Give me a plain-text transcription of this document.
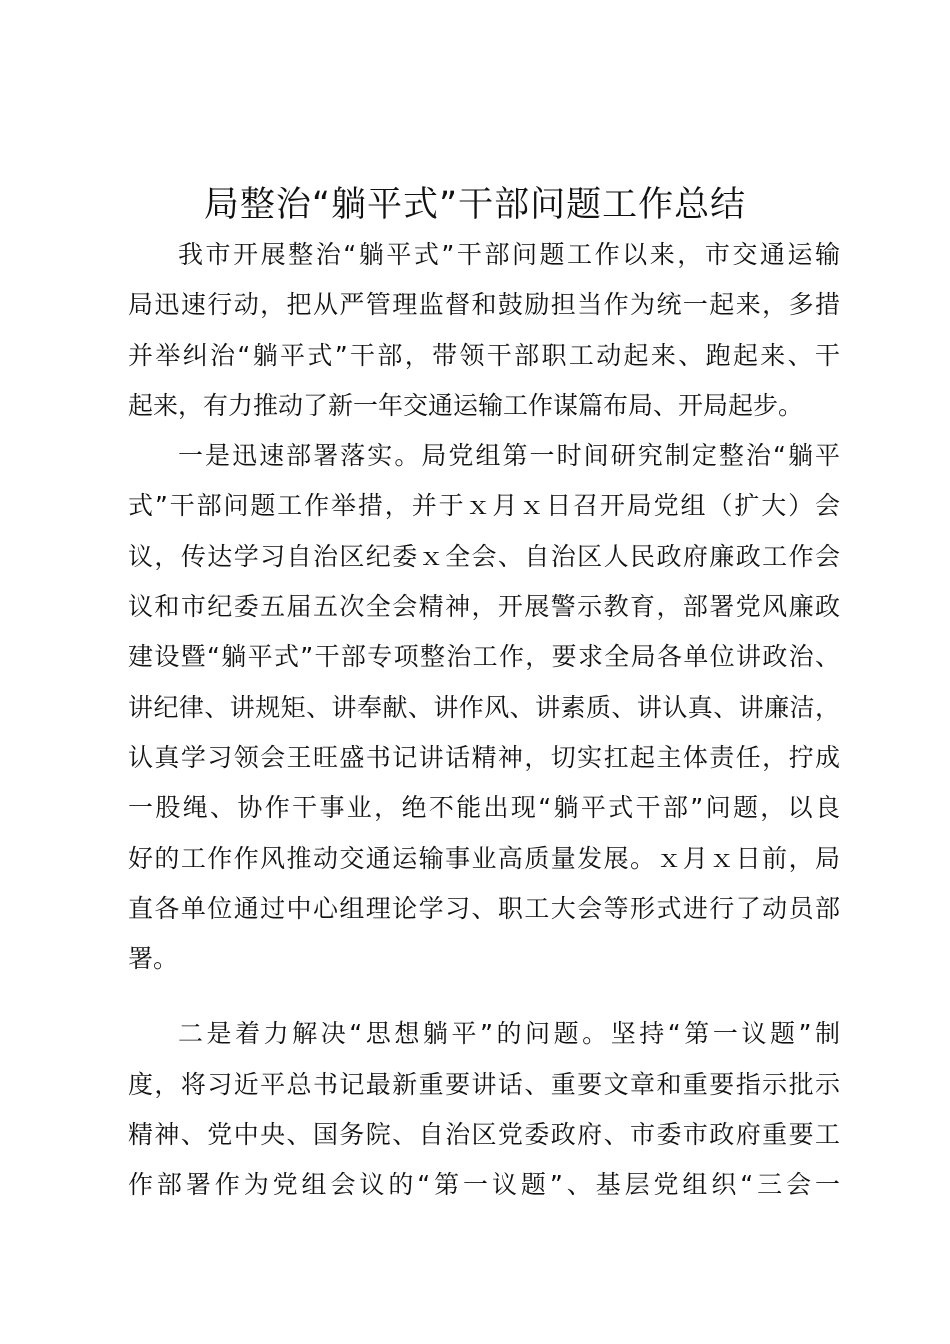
局整治“躺平式”干部问题工作总结
我市开展整治“躺平式”干部问题工作以来，市交通运输
局迅速行动，把从严管理监督和鼓励担当作为统一起来，多措
并举纠治“躺平式”干部，带领干部职工动起来、跑起来、干
起来，有力推动了新一年交通运输工作谋篇布局、开局起步。
一是迅速部署落实。局党组第一时间研究制定整治“躺平
式”干部问题工作举措，并于ｘ月ｘ日召开局党组（扩大）会
议，传达学习自治区纪委ｘ全会、自治区人民政府廉政工作会
议和市纪委五届五次全会精神，开展警示教育，部署党风廉政
建设暨“躺平式”干部专项整治工作，要求全局各单位讲政治、
讲纪律、讲规矩、讲奉献、讲作风、讲素质、讲认真、讲廉洁，
认真学习领会王旺盛书记讲话精神，切实扛起主体责任，拧成
一股绳、协作干事业，绝不能出现“躺平式干部”问题，以良
好的工作作风推动交通运输事业高质量发展。ｘ月ｘ日前，局
直各单位通过中心组理论学习、职工大会等形式进行了动员部
署。
二是着力解决“思想躺平”的问题。坚持“第一议题”制
度，将习近平总书记最新重要讲话、重要文章和重要指示批示
精神、党中央、国务院、自治区党委政府、市委市政府重要工
作部署作为党组会议的“第一议题”、基层党组织“三会一
